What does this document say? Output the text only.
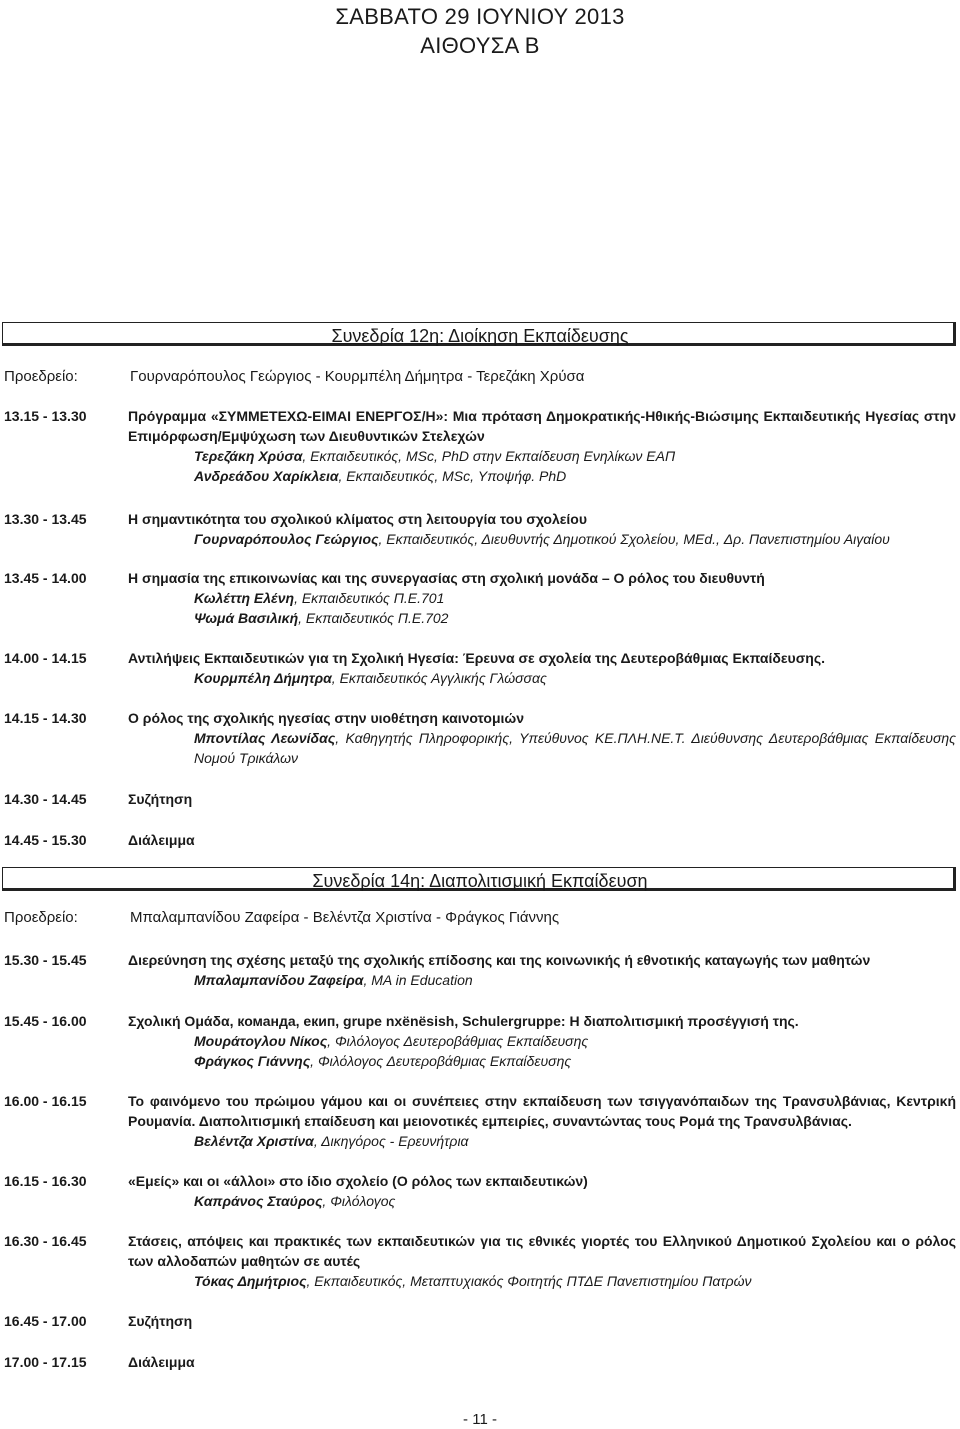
ΣΑΒΒΑΤΟ 29 ΙΟΥΝΙΟΥ 2013
ΑΙΘΟΥΣΑ Β
Συνεδρία 12η: Διοίκηση Εκπαίδευσης
Προεδρείο:	Γουρναρόπουλος Γεώργιος - Κουρμπέλη Δήμητρα - Τερεζάκη Χρύσα
13.15 - 13.30	Πρόγραμμα «ΣΥΜΜΕΤΕΧΩ-ΕΙΜΑΙ ΕΝΕΡΓΟΣ/Η»: Μια πρόταση Δημοκρατικής-Ηθικής-Βιώσιμης Εκπαιδευτικής Ηγεσίας στην Επιμόρφωση/Εμψύχωση των Διευθυντικών Στελεχών
Τερεζάκη Χρύσα, Εκπαιδευτικός, MSc, PhD στην Εκπαίδευση Ενηλίκων ΕΑΠ
Ανδρεάδου Χαρίκλεια, Εκπαιδευτικός, MSc, Υποψήφ. PhD
13.30 - 13.45	Η σημαντικότητα του σχολικού κλίματος στη λειτουργία του σχολείου
Γουρναρόπουλος Γεώργιος, Εκπαιδευτικός, Διευθυντής Δημοτικού Σχολείου, MEd., Δρ. Πανεπιστημίου Αιγαίου
13.45 - 14.00	Η σημασία της επικοινωνίας και της συνεργασίας στη σχολική μονάδα – Ο ρόλος του διευθυντή
Κωλέττη Ελένη, Εκπαιδευτικός Π.Ε.701
Ψωμά Βασιλική, Εκπαιδευτικός Π.Ε.702
14.00 - 14.15	Αντιλήψεις Εκπαιδευτικών για τη Σχολική Ηγεσία: Έρευνα σε σχολεία της Δευτεροβάθμιας Εκπαίδευσης.
Κουρμπέλη Δήμητρα, Εκπαιδευτικός Αγγλικής Γλώσσας
14.15 - 14.30	Ο ρόλος της σχολικής ηγεσίας στην υιοθέτηση καινοτομιών
Μποντίλας Λεωνίδας, Καθηγητής Πληροφορικής, Υπεύθυνος ΚΕ.ΠΛΗ.ΝΕ.Τ. Διεύθυνσης Δευτεροβάθμιας Εκπαίδευσης Νομού Τρικάλων
14.30 - 14.45	Συζήτηση
14.45 - 15.30	Διάλειμμα
Συνεδρία 14η: Διαπολιτισμική Εκπαίδευση
Προεδρείο:	Μπαλαμπανίδου Ζαφείρα - Βελέντζα Χριστίνα - Φράγκος Γιάννης
15.30 - 15.45	Διερεύνηση της σχέσης μεταξύ της σχολικής επίδοσης και της κοινωνικής ή εθνοτικής καταγωγής των μαθητών
Μπαλαμπανίδου Ζαφείρα, MA in Education
15.45 - 16.00	Σχολική Ομάδα, команда, екип, grupe nxënësish, Schulergruppe: Η διαπολιτισμική προσέγγισή της.
Μουράτογλου Νίκος, Φιλόλογος Δευτεροβάθμιας Εκπαίδευσης
Φράγκος Γιάννης, Φιλόλογος Δευτεροβάθμιας Εκπαίδευσης
16.00 - 16.15	Το φαινόμενο του πρώιμου γάμου και οι συνέπειες στην εκπαίδευση των τσιγγανόπαιδων της Τρανσυλβάνιας, Κεντρική Ρουμανία. Διαπολιτισμική επαίδευση και μειονοτικές εμπειρίες, συναντώντας τους Ρομά της Τρανσυλβάνιας.
Βελέντζα Χριστίνα, Δικηγόρος - Ερευνήτρια
16.15 - 16.30	«Εμείς» και οι «άλλοι» στο ίδιο σχολείο (Ο ρόλος των εκπαιδευτικών)
Καπράνος Σταύρος, Φιλόλογος
16.30 - 16.45	Στάσεις, απόψεις και πρακτικές των εκπαιδευτικών για τις εθνικές γιορτές του Ελληνικού Δημοτικού Σχολείου και ο ρόλος των αλλοδαπών μαθητών σε αυτές
Τόκας Δημήτριος, Εκπαιδευτικός, Μεταπτυχιακός Φοιτητής ΠΤΔΕ Πανεπιστημίου Πατρών
16.45 - 17.00	Συζήτηση
17.00 - 17.15	Διάλειμμα
- 11 -
